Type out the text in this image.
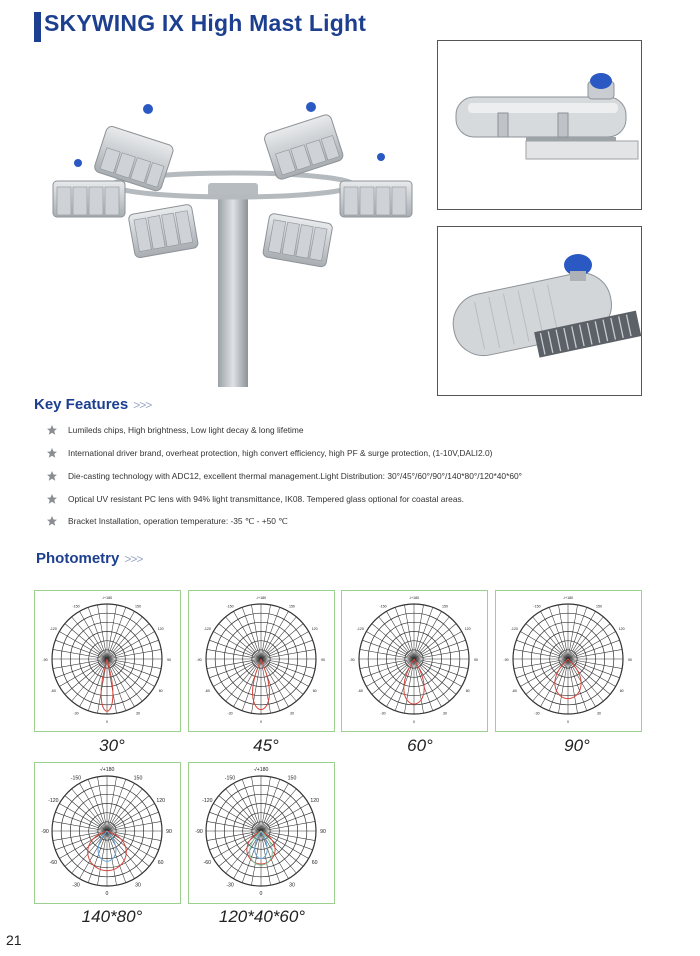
SKYWING IX High Mast Light
Key Features >>>
Lumileds chips, High brightness, Low light decay & long lifetime
International driver brand, overheat protection, high convert efficiency, high PF & surge protection, (1-10V,DALI2.0)
Die-casting technology with ADC12, excellent thermal management.Light Distribution: 30°/45°/60°/90°/140*80°/120*40*60°
Optical UV resistant PC lens with 94% light transmittance, IK08. Tempered glass optional for coastal areas.
Bracket Installation, operation temperature: -35 ℃ - +50 ℃
Photometry >>>
-/+180
-150	150
-120	120
-90	90
-60	60
-30	30
0
-/+180
-150	150
-120	120
-90	90
-60	60
-30	30
0
-/+180
-150	150
-120	120
-90	90
-60	60
-30	30
0
-/+180
-150	150
-120	120
-90	90
-60	60
-30	30
0
-/+180
-150	150
-120	120
-90	90
-60	60
-30	30
0
-/+180
-150	150
-120	120
-90	90
-60	60
-30	30
0
30°	45°	60°	90°
140*80°	120*40*60°
21
